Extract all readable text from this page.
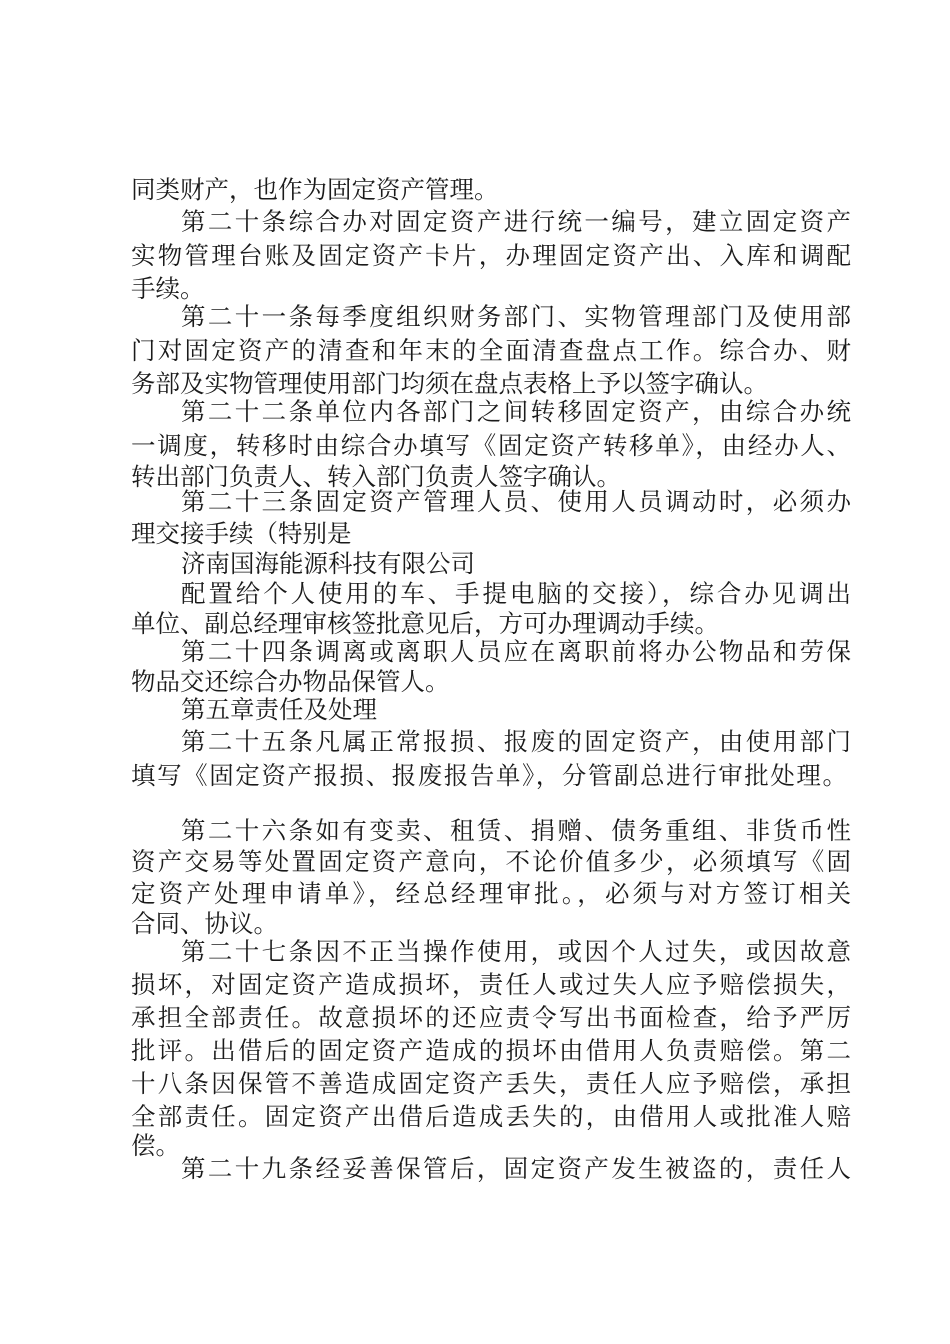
同类财产，也作为固定资产管理。
第二十条综合办对固定资产进行统一编号，建立固定资产
实物管理台账及固定资产卡片，办理固定资产出、入库和调配
手续。
第二十一条每季度组织财务部门、实物管理部门及使用部
门对固定资产的清查和年末的全面清查盘点工作。综合办、财
务部及实物管理使用部门均须在盘点表格上予以签字确认。
第二十二条单位内各部门之间转移固定资产，由综合办统
一调度，转移时由综合办填写《固定资产转移单》，由经办人、
转出部门负责人、转入部门负责人签字确认。
第二十三条固定资产管理人员、使用人员调动时，必须办
理交接手续（特别是
济南国海能源科技有限公司
配置给个人使用的车、手提电脑的交接），综合办见调出
单位、副总经理审核签批意见后，方可办理调动手续。
第二十四条调离或离职人员应在离职前将办公物品和劳保
物品交还综合办物品保管人。
第五章责任及处理
第二十五条凡属正常报损、报废的固定资产，由使用部门
填写《固定资产报损、报废报告单》，分管副总进行审批处理。
第二十六条如有变卖、租赁、捐赠、债务重组、非货币性
资产交易等处置固定资产意向，不论价值多少，必须填写《固
定资产处理申请单》，经总经理审批。，必须与对方签订相关
合同、协议。
第二十七条因不正当操作使用，或因个人过失，或因故意
损坏，对固定资产造成损坏，责任人或过失人应予赔偿损失，
承担全部责任。故意损坏的还应责令写出书面检查，给予严厉
批评。出借后的固定资产造成的损坏由借用人负责赔偿。第二
十八条因保管不善造成固定资产丢失，责任人应予赔偿，承担
全部责任。固定资产出借后造成丢失的，由借用人或批准人赔
偿。
第二十九条经妥善保管后，固定资产发生被盗的，责任人
